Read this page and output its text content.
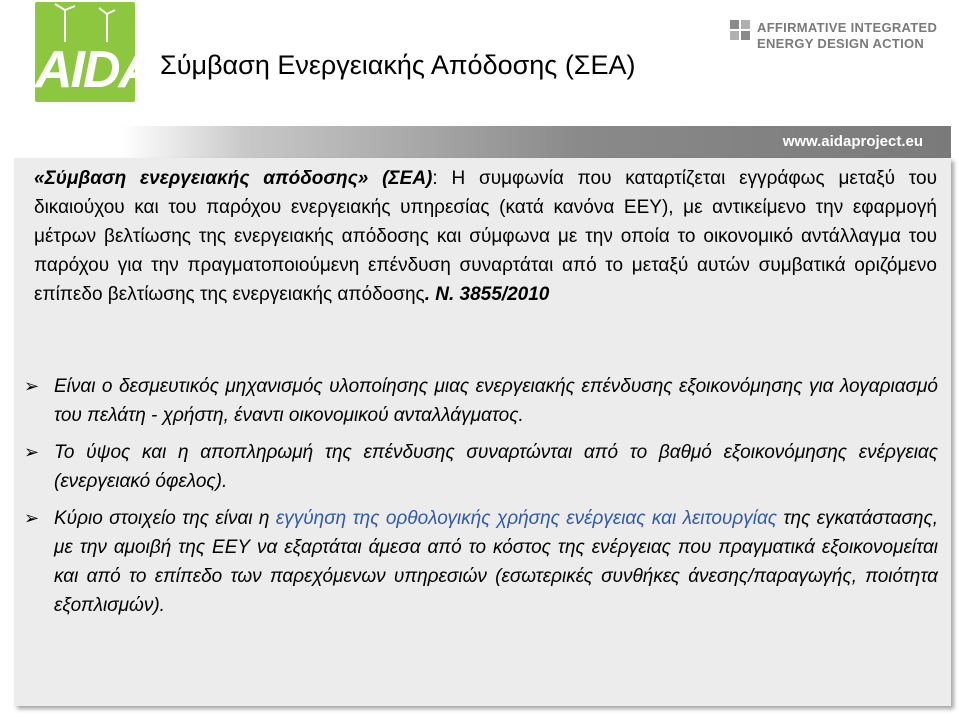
AIDA Σύμβαση Ενεργειακής Απόδοσης (ΣΕΑ)
AFFIRMATIVE INTEGRATED
ENERGY DESIGN ACTION
www.aidaproject.eu
«Σύμβαση ενεργειακής απόδοσης» (ΣΕΑ): Η συμφωνία που καταρτίζεται εγγράφως μεταξύ του δικαιούχου και του παρόχου ενεργειακής υπηρεσίας (κατά κανόνα ΕΕΥ), με αντικείμενο την εφαρμογή μέτρων βελτίωσης της ενεργειακής απόδοσης και σύμφωνα με την οποία το οικονομικό αντάλλαγμα του παρόχου για την πραγματοποιούμενη επένδυση συναρτάται από το μεταξύ αυτών συμβατικά οριζόμενο επίπεδο βελτίωσης της ενεργειακής απόδοσης. Ν. 3855/2010
➢ Είναι ο δεσμευτικός μηχανισμός υλοποίησης μιας ενεργειακής επένδυσης εξοικονόμησης για λογαριασμό του πελάτη - χρήστη, έναντι οικονομικού ανταλλάγματος.
➢ Το ύψος και η αποπληρωμή της επένδυσης συναρτώνται από το βαθμό εξοικονόμησης ενέργειας (ενεργειακό όφελος).
➢ Κύριο στοιχείο της είναι η εγγύηση της ορθολογικής χρήσης ενέργειας και λειτουργίας της εγκατάστασης, με την αμοιβή της ΕΕΥ να εξαρτάται άμεσα από το κόστος της ενέργειας που πραγματικά εξοικονομείται και από το επίπεδο των παρεχόμενων υπηρεσιών (εσωτερικές συνθήκες άνεσης/παραγωγής, ποιότητα εξοπλισμών).
